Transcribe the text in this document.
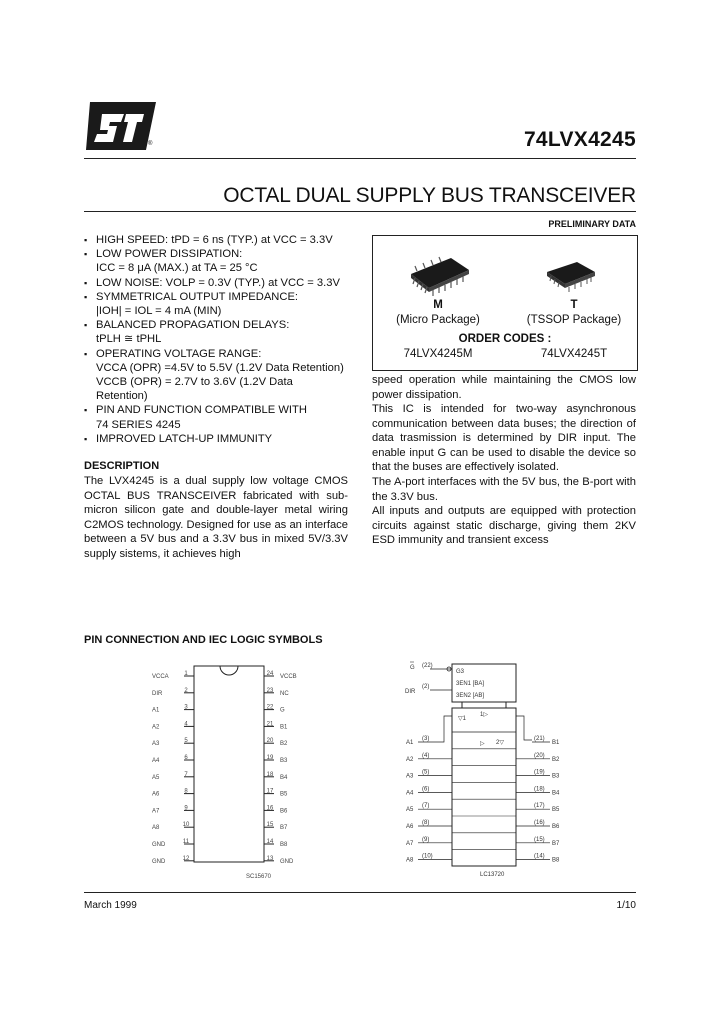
®	74LVX4245
OCTAL DUAL SUPPLY BUS TRANSCEIVER
PRELIMINARY DATA
▪ HIGH SPEED: tPD = 6 ns (TYP.) at VCC = 3.3V
▪ LOW POWER DISSIPATION:
ICC = 8 μA (MAX.) at TA = 25 °C
▪ LOW NOISE: VOLP = 0.3V (TYP.) at VCC = 3.3V
▪ SYMMETRICAL OUTPUT IMPEDANCE:
|IOH| = IOL = 4 mA (MIN)
▪ BALANCED PROPAGATION DELAYS:
tPLH ≅ tPHL
▪ OPERATING VOLTAGE RANGE:
VCCA (OPR) =4.5V to 5.5V (1.2V Data Retention)
VCCB (OPR) = 2.7V to 3.6V (1.2V Data
Retention)
▪ PIN AND FUNCTION COMPATIBLE WITH
74 SERIES 4245
▪ IMPROVED LATCH-UP IMMUNITY
M
(Micro Package)
T
(TSSOP Package)
ORDER CODES :
74LVX4245M	74LVX4245T
DESCRIPTION

The LVX4245 is a dual supply low voltage CMOS OCTAL BUS TRANSCEIVER fabricated with sub-micron silicon gate and double-layer metal wiring C2MOS technology. Designed for use as an interface between a 5V bus and a 3.3V bus in mixed 5V/3.3V supply sistems, it achieves high

speed operation while maintaining the CMOS low power dissipation.

This IC is intended for two-way asynchronous communication between data buses; the direction of data trasmission is determined by DIR input. The enable input G can be used to disable the device so that the buses are effectively isolated.

The A-port interfaces with the 5V bus, the B-port with the 3.3V bus.

All inputs and outputs are equipped with protection circuits against static discharge, giving them 2KV ESD immunity and transient excess

PIN CONNECTION AND IEC LOGIC SYMBOLS
VCCA	1
DIR	2
A1	3
A2	4
A3	5
A4	6
A5	7
A6	8
A7	9
A8	10
GND	11
GND	12
24 VCCB
23 NC
22 G
21 B1
20 B2
19 B3
18 B4
17 B5
16 B6
15 B7
14 B8
13 GND
SC15670
G3
3EN1 [BA]
3EN2 [AB]
G (22)
DIR
(2)
▽1
1▷
▷ 2▽
A1
(3)
A2
(4)
A3
(5)
A4
(6)
A5
(7)
A6
(8)
A7
(9)
A8
(10)
B1
(21)
B2
(20)
B3
(19)
B4
(18)
B5
(17)
B6
(16)
B7
(15)
B8
(14)
LC13720
March 1999	1/10
